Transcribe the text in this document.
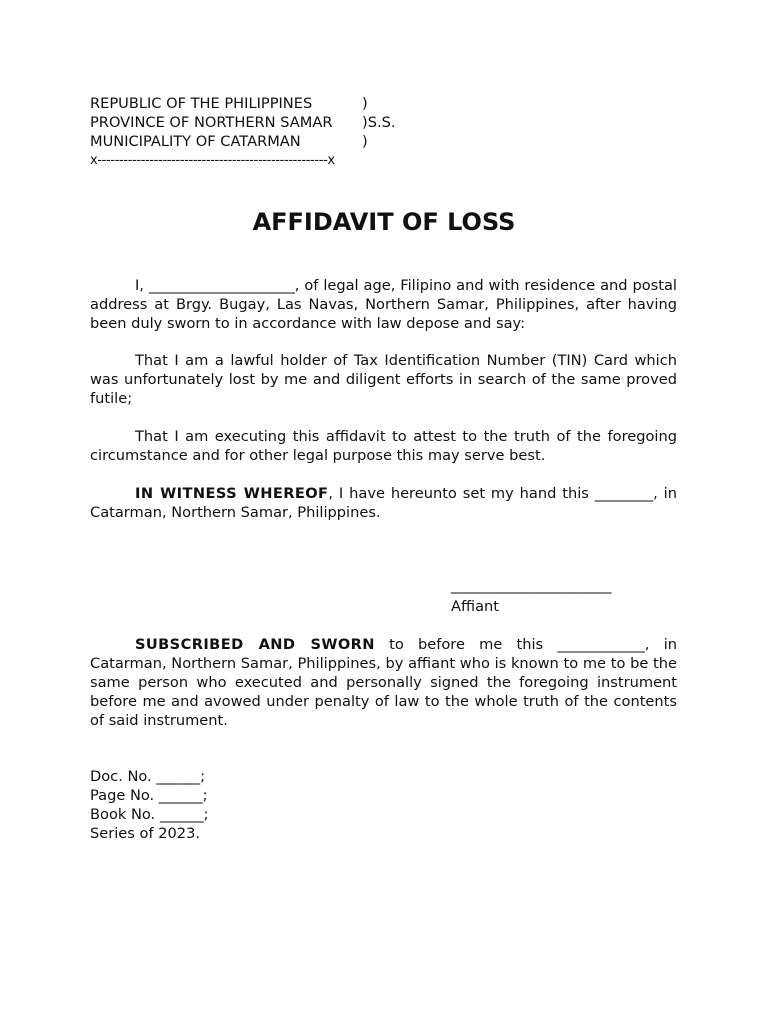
REPUBLIC OF THE PHILIPPINES	)
PROVINCE OF NORTHERN SAMAR )S.S.
MUNICIPALITY OF CATARMAN	)
x-----------------------------------------------------x
AFFIDAVIT OF LOSS

I, ____________________, of legal age, Filipino and with residence and postal address at Brgy. Bugay, Las Navas, Northern Samar, Philippines, after having been duly sworn to in accordance with law depose and say:

That I am a lawful holder of Tax Identification Number (TIN) Card which was unfortunately lost by me and diligent efforts in search of the same proved futile;

That I am executing this affidavit to attest to the truth of the foregoing circumstance and for other legal purpose this may serve best.

IN WITNESS WHEREOF, I have hereunto set my hand this ________, in Catarman, Northern Samar, Philippines.

______________________
Affiant

SUBSCRIBED AND SWORN to before me this ____________, in Catarman, Northern Samar, Philippines, by affiant who is known to me to be the same person who executed and personally signed the foregoing instrument before me and avowed under penalty of law to the whole truth of the contents of said instrument.

Doc. No. ______;
Page No. ______;
Book No. ______;
Series of 2023.
